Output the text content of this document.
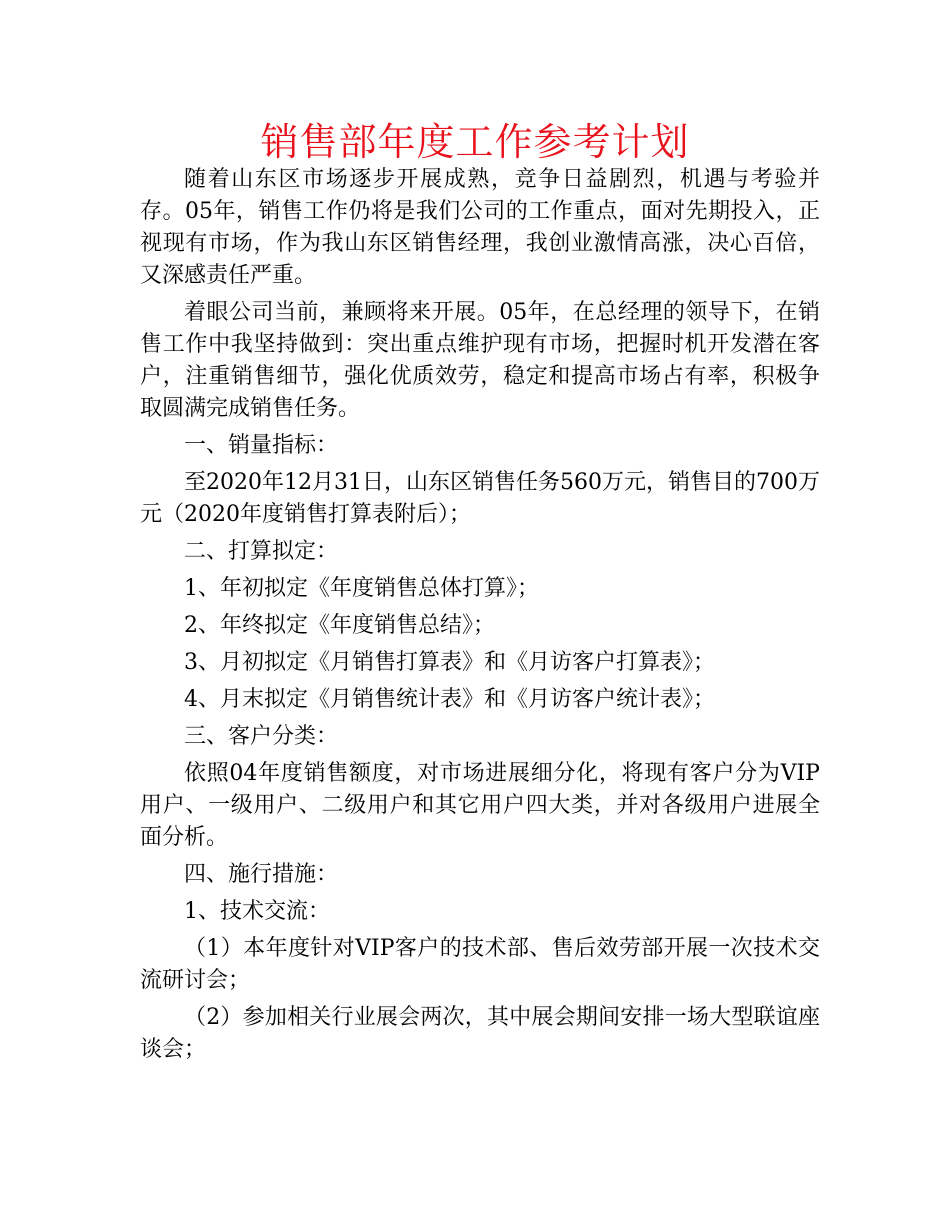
销售部年度工作参考计划

随着山东区市场逐步开展成熟，竞争日益剧烈，机遇与考验并存。05年，销售工作仍将是我们公司的工作重点，面对先期投入，正视现有市场，作为我山东区销售经理，我创业激情高涨，决心百倍，又深感责任严重。

着眼公司当前，兼顾将来开展。05年，在总经理的领导下，在销售工作中我坚持做到：突出重点维护现有市场，把握时机开发潜在客户，注重销售细节，强化优质效劳，稳定和提高市场占有率，积极争取圆满完成销售任务。

一、销量指标：

至2020年12月31日，山东区销售任务560万元，销售目的700万元（2020年度销售打算表附后）；

二、打算拟定：

1、年初拟定《年度销售总体打算》；

2、年终拟定《年度销售总结》；

3、月初拟定《月销售打算表》和《月访客户打算表》；

4、月末拟定《月销售统计表》和《月访客户统计表》；

三、客户分类：

依照04年度销售额度，对市场进展细分化，将现有客户分为VIP用户、一级用户、二级用户和其它用户四大类，并对各级用户进展全面分析。

四、施行措施：

1、技术交流：

（1）本年度针对VIP客户的技术部、售后效劳部开展一次技术交流研讨会；

（2）参加相关行业展会两次，其中展会期间安排一场大型联谊座谈会；
